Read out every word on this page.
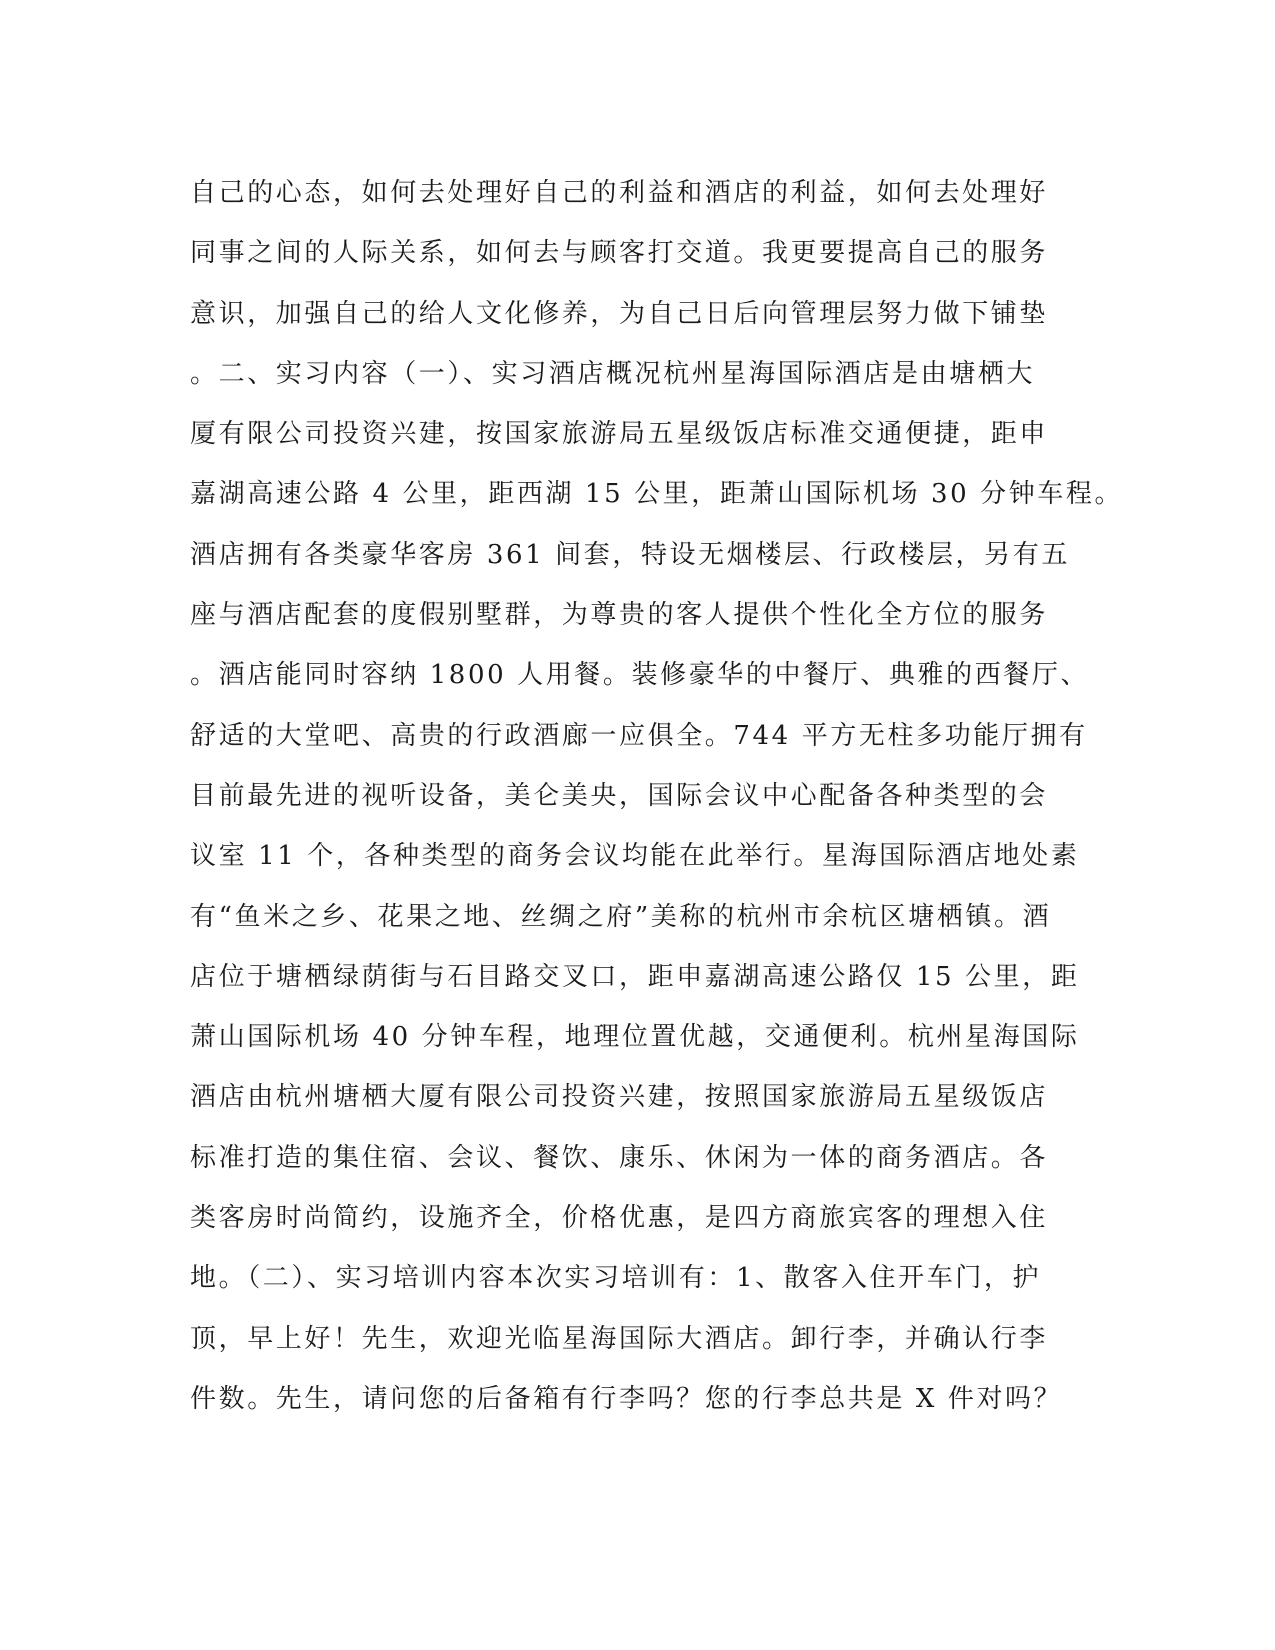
自己的心态，如何去处理好自己的利益和酒店的利益，如何去处理好
同事之间的人际关系，如何去与顾客打交道。我更要提高自己的服务
意识，加强自己的给人文化修养，为自己日后向管理层努力做下铺垫
。二、实习内容（一）、实习酒店概况杭州星海国际酒店是由塘栖大
厦有限公司投资兴建，按国家旅游局五星级饭店标准交通便捷，距申
嘉湖高速公路 4 公里，距西湖 15 公里，距萧山国际机场 30 分钟车程。
酒店拥有各类豪华客房 361 间套，特设无烟楼层、行政楼层，另有五
座与酒店配套的度假别墅群，为尊贵的客人提供个性化全方位的服务
。酒店能同时容纳 1800 人用餐。装修豪华的中餐厅、典雅的西餐厅、
舒适的大堂吧、高贵的行政酒廊一应俱全。744 平方无柱多功能厅拥有
目前最先进的视听设备，美仑美央，国际会议中心配备各种类型的会
议室 11 个，各种类型的商务会议均能在此举行。星海国际酒店地处素
有“鱼米之乡、花果之地、丝绸之府”美称的杭州市余杭区塘栖镇。酒
店位于塘栖绿荫街与石目路交叉口，距申嘉湖高速公路仅 15 公里，距
萧山国际机场 40 分钟车程，地理位置优越，交通便利。杭州星海国际
酒店由杭州塘栖大厦有限公司投资兴建，按照国家旅游局五星级饭店
标准打造的集住宿、会议、餐饮、康乐、休闲为一体的商务酒店。各
类客房时尚简约，设施齐全，价格优惠，是四方商旅宾客的理想入住
地。（二）、实习培训内容本次实习培训有：1、散客入住开车门，护
顶，早上好！先生，欢迎光临星海国际大酒店。卸行李，并确认行李
件数。先生，请问您的后备箱有行李吗？您的行李总共是 X 件对吗？
